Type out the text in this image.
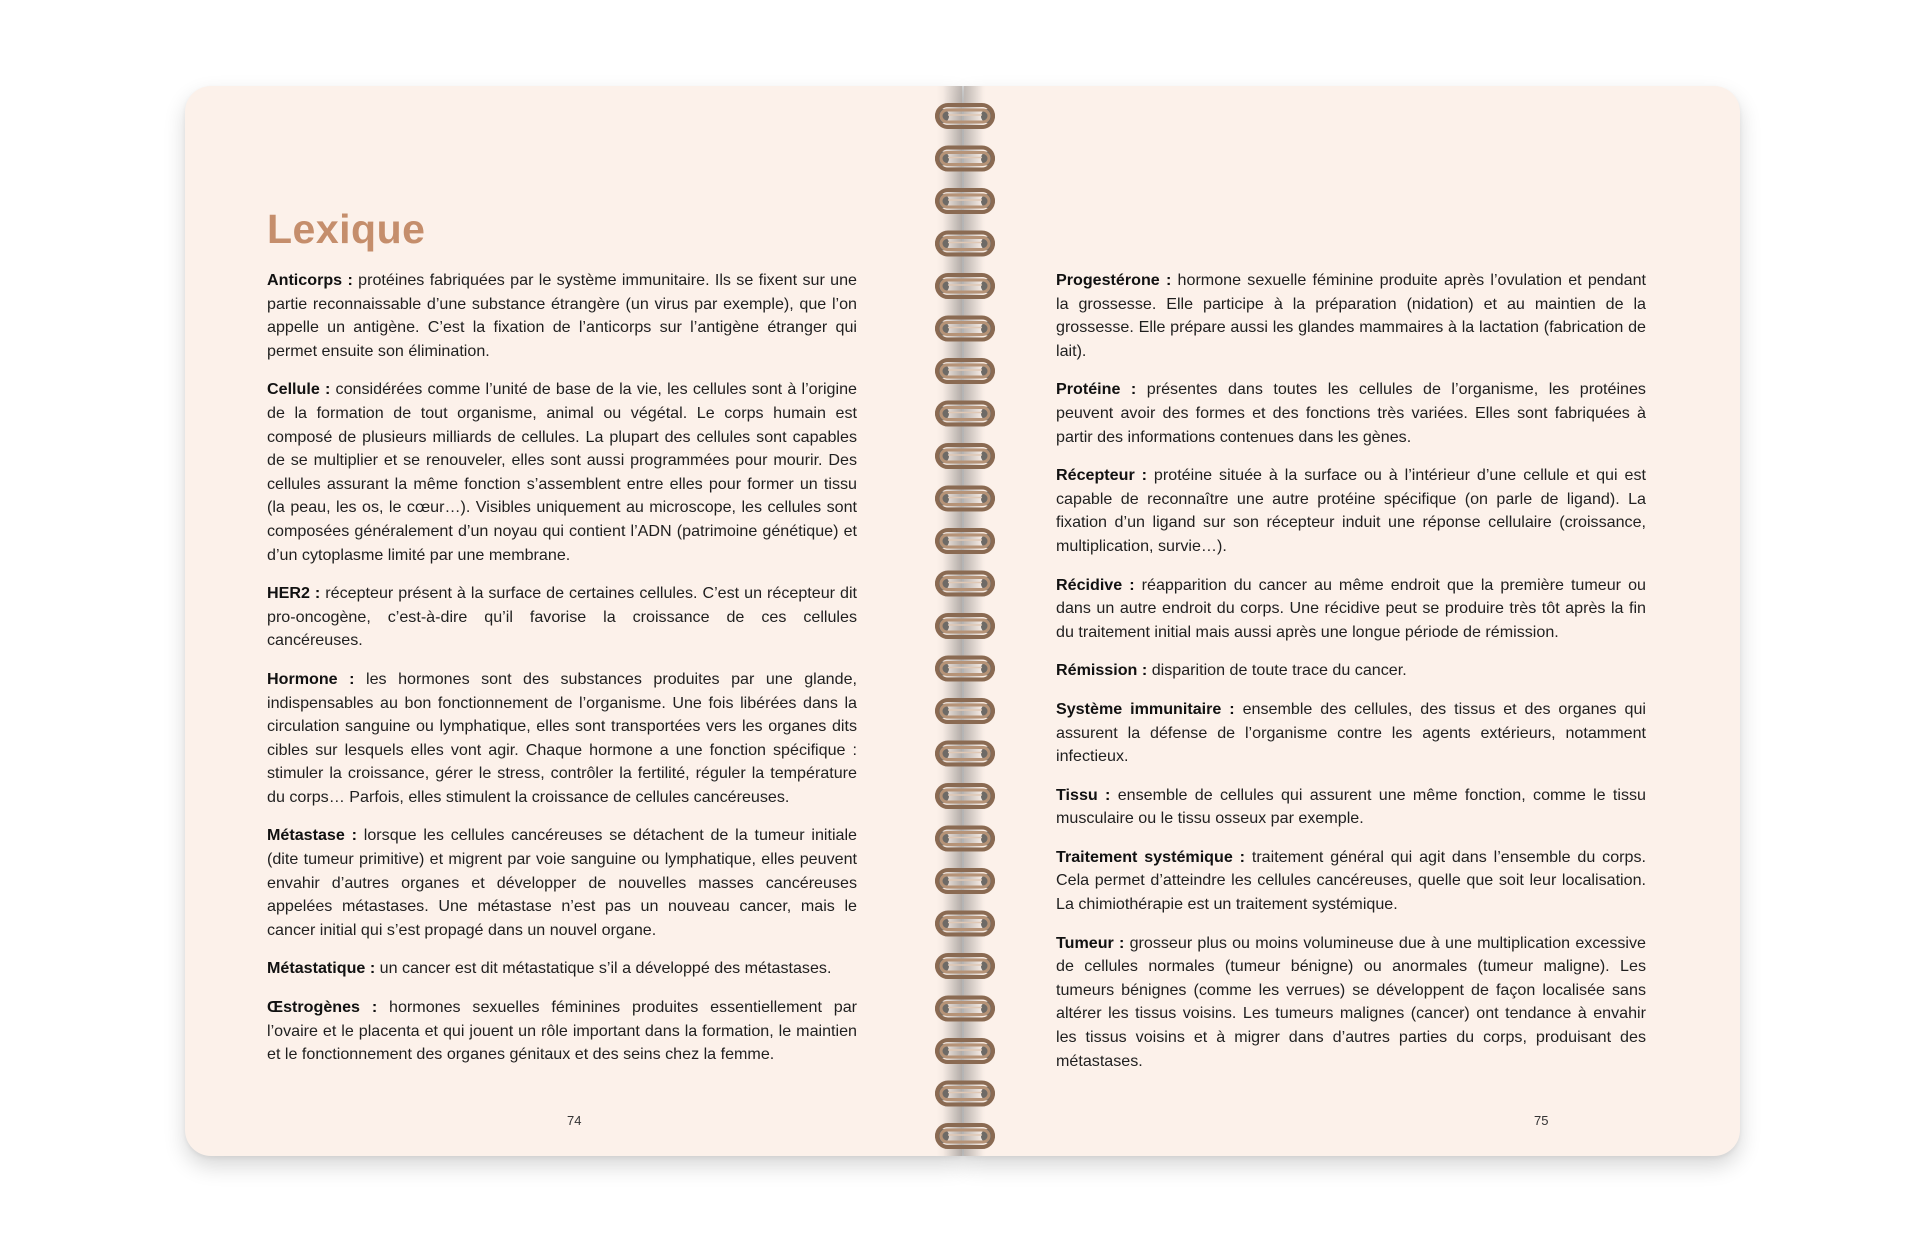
Lexique

Anticorps : protéines fabriquées par le système immunitaire. Ils se fixent sur une partie reconnaissable d’une substance étrangère (un virus par exemple), que l’on appelle un antigène. C’est la fixation de l’anticorps sur l’antigène étranger qui permet ensuite son élimination.

Cellule : considérées comme l’unité de base de la vie, les cellules sont à l’origine de la formation de tout organisme, animal ou végétal. Le corps humain est composé de plusieurs milliards de cellules. La plupart des cellules sont capables de se multiplier et se renouveler, elles sont aussi programmées pour mourir. Des cellules assurant la même fonction s’assemblent entre elles pour former un tissu (la peau, les os, le cœur…). Visibles uniquement au microscope, les cellules sont composées généralement d’un noyau qui contient l’ADN (patrimoine génétique) et d’un cytoplasme limité par une membrane.

HER2 : récepteur présent à la surface de certaines cellules. C’est un récepteur dit pro-oncogène, c’est-à-dire qu’il favorise la croissance de ces cellules cancéreuses.

Hormone : les hormones sont des substances produites par une glande, indispensables au bon fonctionnement de l’organisme. Une fois libérées dans la circulation sanguine ou lymphatique, elles sont transportées vers les organes dits cibles sur lesquels elles vont agir. Chaque hormone a une fonction spécifique : stimuler la croissance, gérer le stress, contrôler la fertilité, réguler la température du corps… Parfois, elles stimulent la croissance de cellules cancéreuses.

Métastase : lorsque les cellules cancéreuses se détachent de la tumeur initiale (dite tumeur primitive) et migrent par voie sanguine ou lymphatique, elles peuvent envahir d’autres organes et développer de nouvelles masses cancéreuses appelées métastases. Une métastase n’est pas un nouveau cancer, mais le cancer initial qui s’est propagé dans un nouvel organe.

Métastatique : un cancer est dit métastatique s’il a développé des métastases.

Œstrogènes : hormones sexuelles féminines produites essentiellement par l’ovaire et le placenta et qui jouent un rôle important dans la formation, le maintien et le fonctionnement des organes génitaux et des seins chez la femme.

74

Progestérone : hormone sexuelle féminine produite après l’ovulation et pendant la grossesse. Elle participe à la préparation (nidation) et au maintien de la grossesse. Elle prépare aussi les glandes mammaires à la lactation (fabrication de lait).

Protéine : présentes dans toutes les cellules de l’organisme, les protéines peuvent avoir des formes et des fonctions très variées. Elles sont fabriquées à partir des informations contenues dans les gènes.

Récepteur : protéine située à la surface ou à l’intérieur d’une cellule et qui est capable de reconnaître une autre protéine spécifique (on parle de ligand). La fixation d’un ligand sur son récepteur induit une réponse cellulaire (croissance, multiplication, survie…).

Récidive : réapparition du cancer au même endroit que la première tumeur ou dans un autre endroit du corps. Une récidive peut se produire très tôt après la fin du traitement initial mais aussi après une longue période de rémission.

Rémission : disparition de toute trace du cancer.

Système immunitaire : ensemble des cellules, des tissus et des organes qui assurent la défense de l’organisme contre les agents extérieurs, notamment infectieux.

Tissu : ensemble de cellules qui assurent une même fonction, comme le tissu musculaire ou le tissu osseux par exemple.

Traitement systémique : traitement général qui agit dans l’ensemble du corps. Cela permet d’atteindre les cellules cancéreuses, quelle que soit leur localisation. La chimiothérapie est un traitement systémique.

Tumeur : grosseur plus ou moins volumineuse due à une multiplication excessive de cellules normales (tumeur bénigne) ou anormales (tumeur maligne). Les tumeurs bénignes (comme les verrues) se développent de façon localisée sans altérer les tissus voisins. Les tumeurs malignes (cancer) ont tendance à envahir les tissus voisins et à migrer dans d’autres parties du corps, produisant des métastases.

75
